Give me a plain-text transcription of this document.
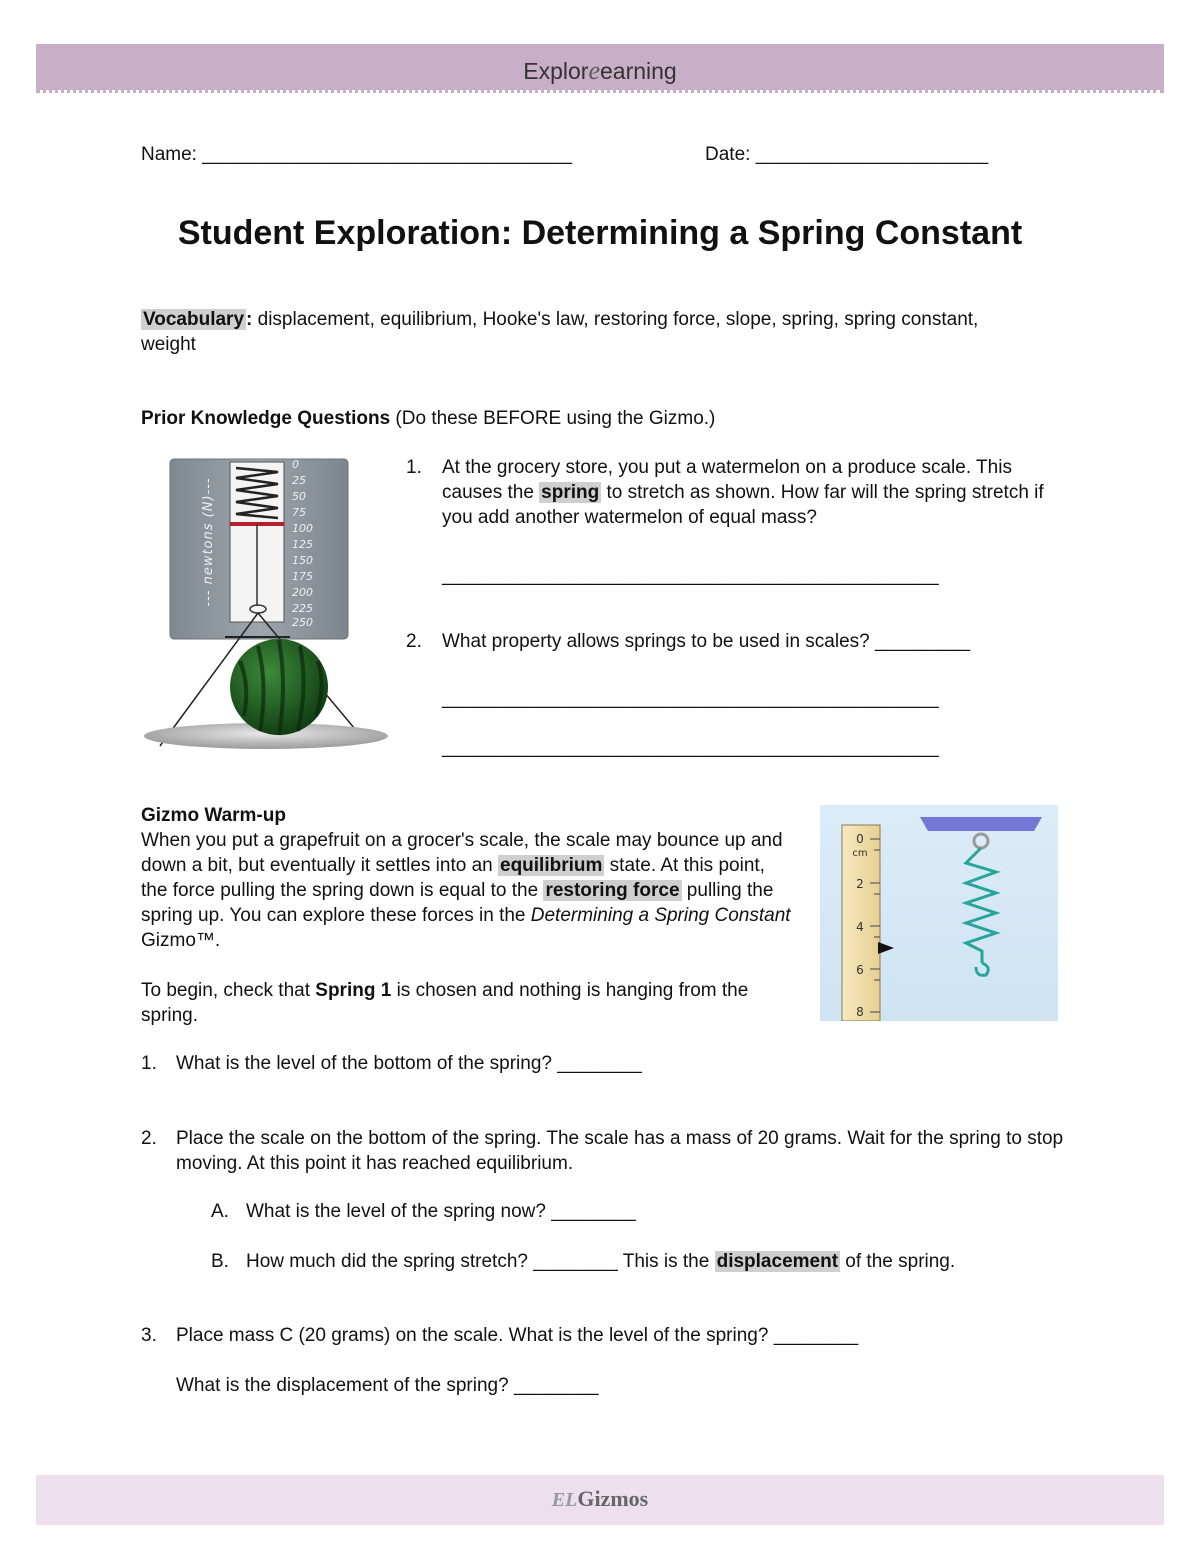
Exploreearning
Name: ___________________________________	Date: ______________________
Student Exploration: Determining a Spring Constant
Vocabulary : displacement, equilibrium, Hooke's law, restoring force, slope, spring, spring constant, weight
Prior Knowledge Questions (Do these BEFORE using the Gizmo.)
0
25
50
75
100
125
150
175
200
225
250
--- newtons (N)---
1.	At the grocery store, you put a watermelon on a produce scale. This causes the spring to stretch as shown. How far will the spring stretch if you add another watermelon of equal mass?
_______________________________________________
2.	What property allows springs to be used in scales? _________
_______________________________________________
_______________________________________________
Gizmo Warm-up
When you put a grapefruit on a grocer's scale, the scale may bounce up and down a bit, but eventually it settles into an equilibrium state. At this point, the force pulling the spring down is equal to the restoring force pulling the spring up. You can explore these forces in the Determining a Spring Constant Gizmo™.
To begin, check that Spring 1 is chosen and nothing is hanging from the spring.
0
cm
2
4
6
8
1. What is the level of the bottom of the spring? ________
2.	Place the scale on the bottom of the spring. The scale has a mass of 20 grams. Wait for the spring to stop moving. At this point it has reached equilibrium.
A. What is the level of the spring now? ________
B. How much did the spring stretch? ________ This is the displacement of the spring.
3. Place mass C (20 grams) on the scale. What is the level of the spring? ________
What is the displacement of the spring? ________
ELGizmos
